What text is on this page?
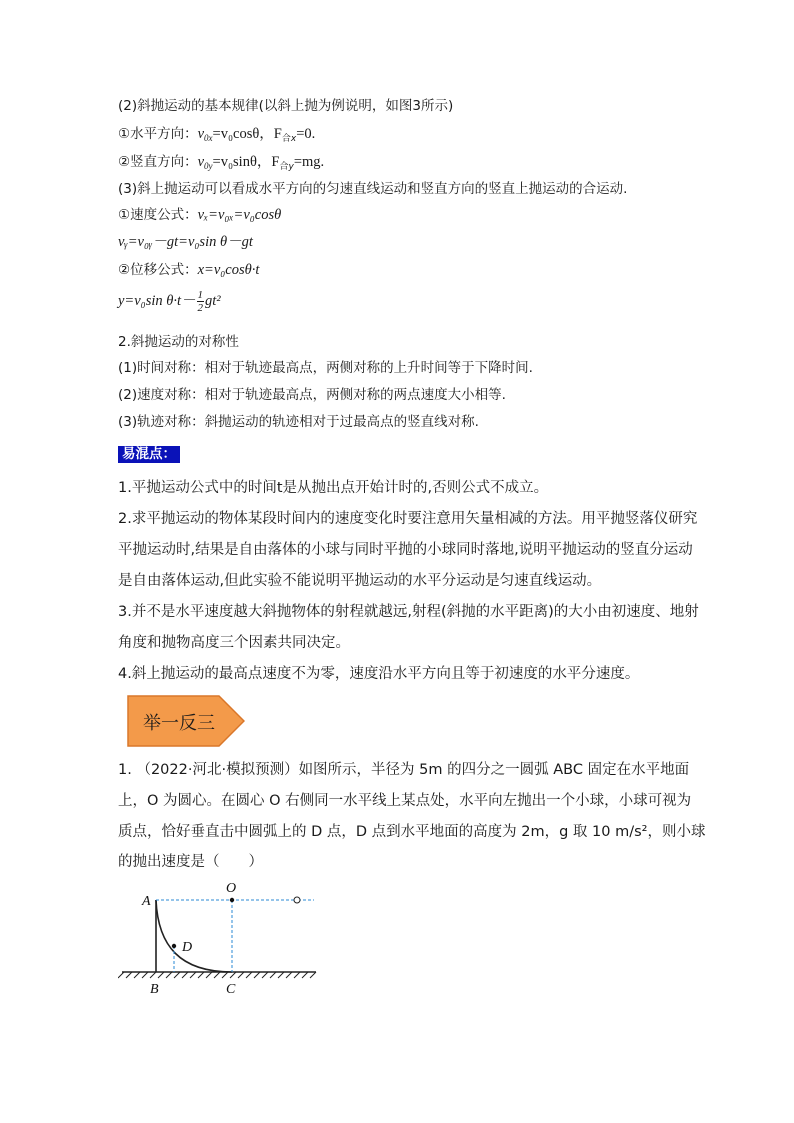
(2)斜抛运动的基本规律(以斜上抛为例说明，如图3所示)
①水平方向：$v_{0x}=v_0\cos\theta$，$F_{合x}=0$.
②竖直方向：$v_{0y}=v_0\sin\theta$，$F_{合y}=mg$.
(3)斜上抛运动可以看成水平方向的匀速直线运动和竖直方向的竖直上抛运动的合运动.
①速度公式：vₓ=v₀ₓ=v₀cosθ
vᵧ=v₀ᵧ－gt=v₀sin θ－gt
②位移公式：x=v₀cosθ·t
y=v₀sin $\theta\cdot t- \frac{1}{2} gt^2$
2.斜抛运动的对称性
(1)时间对称：相对于轨迹最高点，两侧对称的上升时间等于下降时间.
(2)速度对称：相对于轨迹最高点，两侧对称的两点速度大小相等.
(3)轨迹对称：斜抛运动的轨迹相对于过最高点的竖直线对称.
易混点：
1.平抛运动公式中的时间t是从抛出点开始计时的,否则公式不成立。
2.求平抛运动的物体某段时间内的速度变化时要注意用矢量相减的方法。用平抛竖落仪研究
平抛运动时,结果是自由落体的小球与同时平抛的小球同时落地,说明平抛运动的竖直分运动
是自由落体运动,但此实验不能说明平抛运动的水平分运动是匀速直线运动。
3.并不是水平速度越大斜抛物体的射程就越远,射程(斜抛的水平距离)的大小由初速度、地射
角度和抛物高度三个因素共同决定。
4.斜上抛运动的最高点速度不为零，速度沿水平方向且等于初速度的水平分速度。
举一反三
1. （2022·河北·模拟预测）如图所示，半径为 5m 的四分之一圆弧 ABC 固定在水平地面
上，O 为圆心。在圆心 O 右侧同一水平线上某点处，水平向左抛出一个小球，小球可视为
质点，恰好垂直击中圆弧上的 D 点，D 点到水平地面的高度为 2m，g 取 10 m/s²，则小球
的抛出速度是（　　）
A
O
D
B	C
